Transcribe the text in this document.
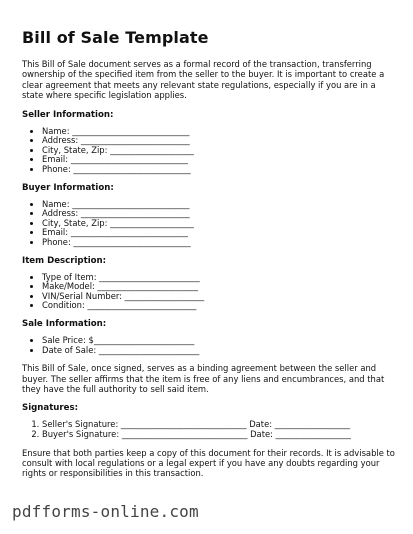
Bill of Sale Template

This Bill of Sale document serves as a formal record of the transaction, transferring ownership of the specified item from the seller to the buyer. It is important to create a clear agreement that meets any relevant state regulations, especially if you are in a state where specific legislation applies.

Seller Information:
• Name: ____________________________
• Address: __________________________
• City, State, Zip: ____________________
• Email: ____________________________
• Phone: ____________________________
Buyer Information:
• Name: ____________________________
• Address: __________________________
• City, State, Zip: ____________________
• Email: ____________________________
• Phone: ____________________________
Item Description:
• Type of Item: ________________________
• Make/Model: ________________________
• VIN/Serial Number: ___________________
• Condition: __________________________
Sale Information:
• Sale Price: $________________________
• Date of Sale: ________________________

This Bill of Sale, once signed, serves as a binding agreement between the seller and buyer. The seller affirms that the item is free of any liens and encumbrances, and that they have the full authority to sell said item.

Signatures:
1. Seller's Signature: ______________________________ Date: __________________
2. Buyer's Signature: ______________________________ Date: __________________

Ensure that both parties keep a copy of this document for their records. It is advisable to consult with local regulations or a legal expert if you have any doubts regarding your rights or responsibilities in this transaction.

pdfforms-online.com
